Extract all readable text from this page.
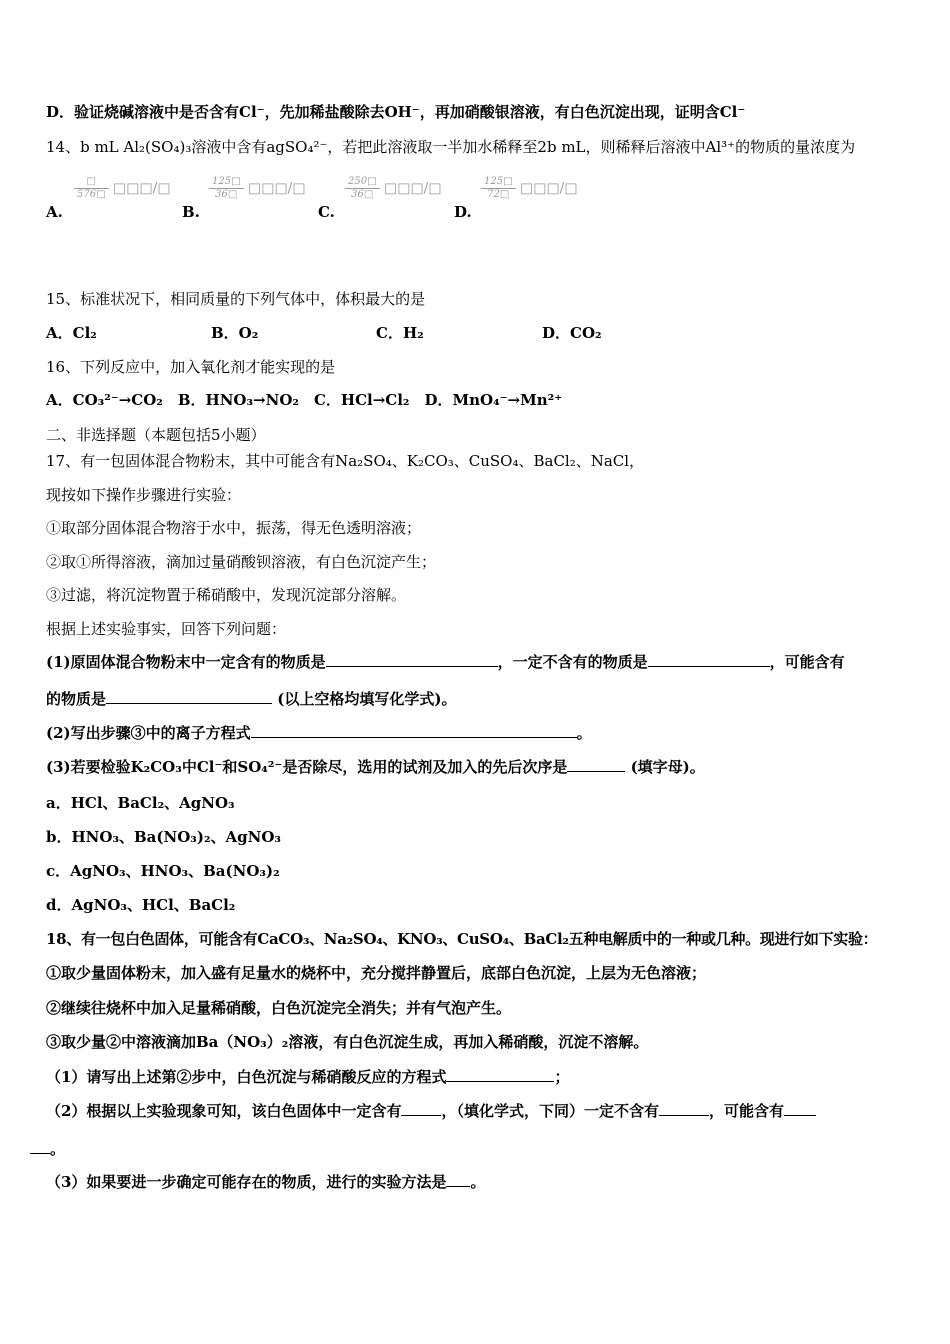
D．验证烧碱溶液中是否含有Cl⁻，先加稀盐酸除去OH⁻，再加硝酸银溶液，有白色沉淀出现，证明含Cl⁻
14、b mL Al₂(SO₄)₃溶液中含有agSO₄²⁻，若把此溶液取一半加水稀释至2b mL，则稀释后溶液中Al³⁺的物质的量浓度为
$\frac{□}{576□}$ □□□/□
A.
$\frac{125□}{36□}$ □□□/□
B.
$\frac{250□}{36□}$ □□□/□
C.
$\frac{125□}{72□}$ □□□/□
D.
15、标准状况下，相同质量的下列气体中，体积最大的是
A．Cl₂	B．O₂	C．H₂	D．CO₂
16、下列反应中，加入氧化剂才能实现的是
A．CO₃²⁻→CO₂　B．HNO₃→NO₂　C．HCl→Cl₂　D．MnO₄⁻→Mn²⁺
二、非选择题（本题包括5小题）
17、有一包固体混合物粉末，其中可能含有Na₂SO₄、K₂CO₃、CuSO₄、BaCl₂、NaCl，
现按如下操作步骤进行实验：
①取部分固体混合物溶于水中，振荡，得无色透明溶液；
②取①所得溶液，滴加过量硝酸钡溶液，有白色沉淀产生；
③过滤，将沉淀物置于稀硝酸中，发现沉淀部分溶解。
根据上述实验事实，回答下列问题：
(1)原固体混合物粉末中一定含有的物质是	，一定不含有的物质是	，可能含有
的物质是	(以上空格均填写化学式)。
(2)写出步骤③中的离子方程式	。
(3)若要检验K₂CO₃中Cl⁻和SO₄²⁻是否除尽，选用的试剂及加入的先后次序是	(填字母)。
a．HCl、BaCl₂、AgNO₃
b．HNO₃、Ba(NO₃)₂、AgNO₃
c．AgNO₃、HNO₃、Ba(NO₃)₂
d．AgNO₃、HCl、BaCl₂
18、有一包白色固体，可能含有CaCO₃、Na₂SO₄、KNO₃、CuSO₄、BaCl₂五种电解质中的一种或几种。现进行如下实验：
①取少量固体粉末，加入盛有足量水的烧杯中，充分搅拌静置后，底部白色沉淀，上层为无色溶液；
②继续往烧杯中加入足量稀硝酸，白色沉淀完全消失；并有气泡产生。
③取少量②中溶液滴加Ba（NO₃）₂溶液，有白色沉淀生成，再加入稀硝酸，沉淀不溶解。
（1）请写出上述第②步中，白色沉淀与稀硝酸反应的方程式	；
（2）根据以上实验现象可知，该白色固体中一定含有	，（填化学式，下同）一定不含有	，可能含有
。
（3）如果要进一步确定可能存在的物质，进行的实验方法是 。
